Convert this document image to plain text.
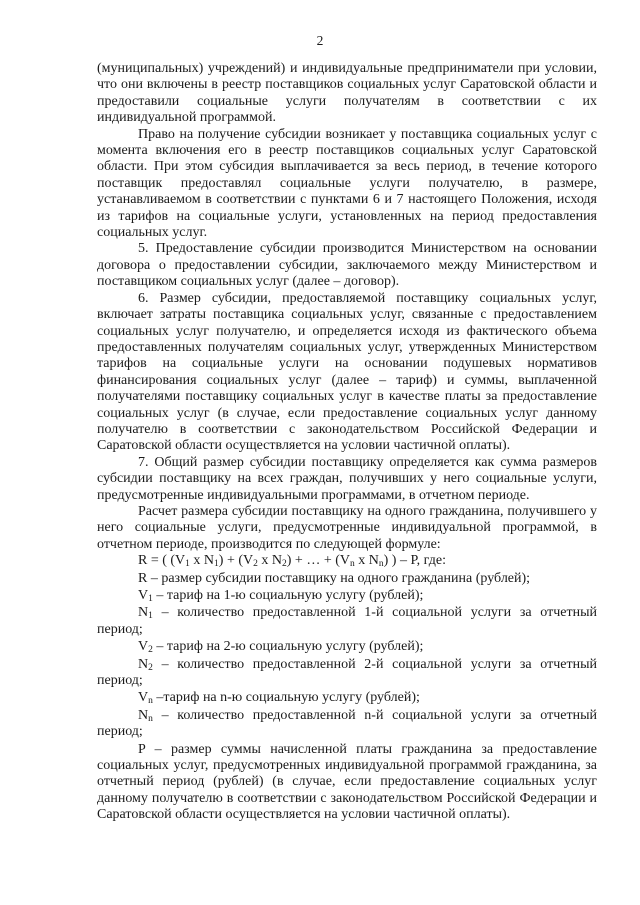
2

(муниципальных) учреждений) и индивидуальные предприниматели при условии, что они включены в реестр поставщиков социальных услуг Саратовской области и предоставили социальные услуги получателям в соответствии с их индивидуальной программой.

Право на получение субсидии возникает у поставщика социальных услуг с момента включения его в реестр поставщиков социальных услуг Саратовской области. При этом субсидия выплачивается за весь период, в течение которого поставщик предоставлял социальные услуги получателю, в размере, устанавливаемом в соответствии с пунктами 6 и 7 настоящего Положения, исходя из тарифов на социальные услуги, установленных на период предоставления социальных услуг.

5. Предоставление субсидии производится Министерством на основании договора о предоставлении субсидии, заключаемого между Министерством и поставщиком социальных услуг (далее – договор).

6. Размер субсидии, предоставляемой поставщику социальных услуг, включает затраты поставщика социальных услуг, связанные с предоставлением социальных услуг получателю, и определяется исходя из фактического объема предоставленных получателям социальных услуг, утвержденных Министерством тарифов на социальные услуги на основании подушевых нормативов финансирования социальных услуг (далее – тариф) и суммы, выплаченной получателями поставщику социальных услуг в качестве платы за предоставление социальных услуг (в случае, если предоставление социальных услуг данному получателю в соответствии с законодательством Российской Федерации и Саратовской области осуществляется на условии частичной оплаты).

7. Общий размер субсидии поставщику определяется как сумма размеров субсидии поставщику на всех граждан, получивших у него социальные услуги, предусмотренные индивидуальными программами, в отчетном периоде.

Расчет размера субсидии поставщику на одного гражданина, получившего у него социальные услуги, предусмотренные индивидуальной программой, в отчетном периоде, производится по следующей формуле:

R = ( ($V_1$ x $N_1) + (V_2$ x $N_2$) + … + ($V_n$ x $N_n$) ) – P, где:

R – размер субсидии поставщику на одного гражданина (рублей);

$V_1$ – тариф на 1-ю социальную услугу (рублей);

$N_1$ – количество предоставленной 1-й социальной услуги за отчетный период;

$V_2$ – тариф на 2-ю социальную услугу (рублей);

$N_2$ – количество предоставленной 2-й социальной услуги за отчетный период;

$V_n$ –тариф на n-ю социальную услугу (рублей);

$N_n$ – количество предоставленной n-й социальной услуги за отчетный период;

P – размер суммы начисленной платы гражданина за предоставление социальных услуг, предусмотренных индивидуальной программой гражданина, за отчетный период (рублей) (в случае, если предоставление социальных услуг данному получателю в соответствии с законодательством Российской Федерации и Саратовской области осуществляется на условии частичной оплаты).
